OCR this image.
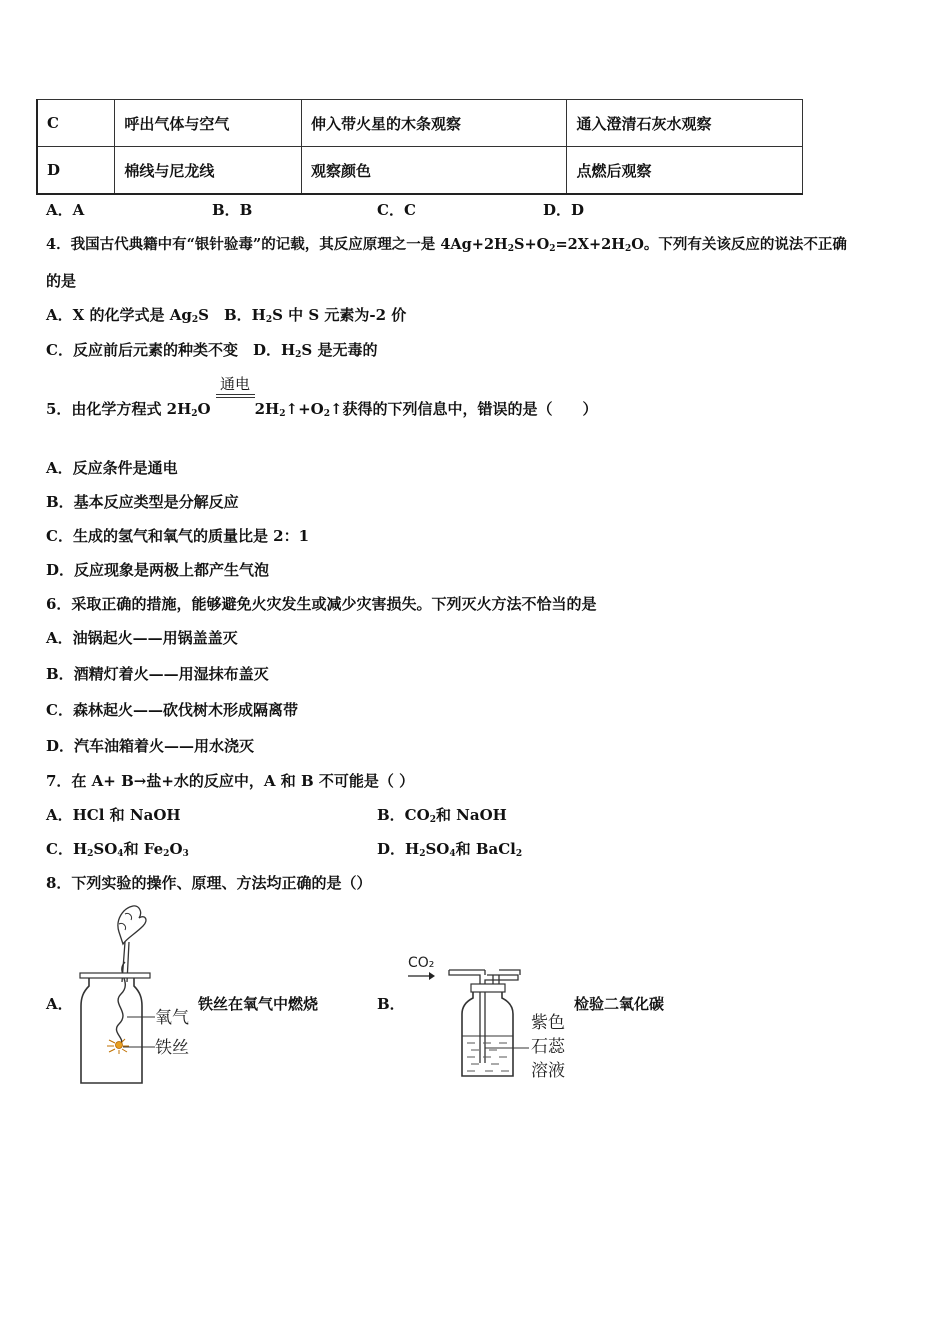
C	呼出气体与空气	伸入带火星的木条观察	通入澄清石灰水观察
D	棉线与尼龙线	观察颜色	点燃后观察
A．A	B．B	C．C	D．D
4．我国古代典籍中有“银针验毒”的记载，其反应原理之一是 $4Ag+2H_2S+O_2=2X+2H_2O$。下列有关该反应的说法不正确
的是
A．X 的化学式是 $Ag_2S$　B．$H_2S$ 中 S 元素为-2 价
C．反应前后元素的种类不变　D．$H_2S$ 是无毒的
通电
5．由化学方程式 $2H_2O$	$2H_2↑+O_2↑$获得的下列信息中，错误的是（　　）
A．反应条件是通电
B．基本反应类型是分解反应
C．生成的氢气和氧气的质量比是 2：1
D．反应现象是两极上都产生气泡
6．采取正确的措施，能够避免火灾发生或减少灾害损失。下列灭火方法不恰当的是
A．油锅起火——用锅盖盖灭
B．酒精灯着火——用湿抹布盖灭
C．森林起火——砍伐树木形成隔离带
D．汽车油箱着火——用水浇灭
7．在 A+ B→盐+水的反应中，A 和 B 不可能是（ ）
A．HCl 和 NaOH	B．$CO_2$和 NaOH
C．$H_2SO_4$和 $Fe_2O_3$	D．$H_2SO_4$和 BaCl$_2$
8．下列实验的操作、原理、方法均正确的是（）
A．	铁丝在氧气中燃烧	B．	检验二氧化碳
氧气
铁丝
CO₂
紫色
石蕊
溶液
